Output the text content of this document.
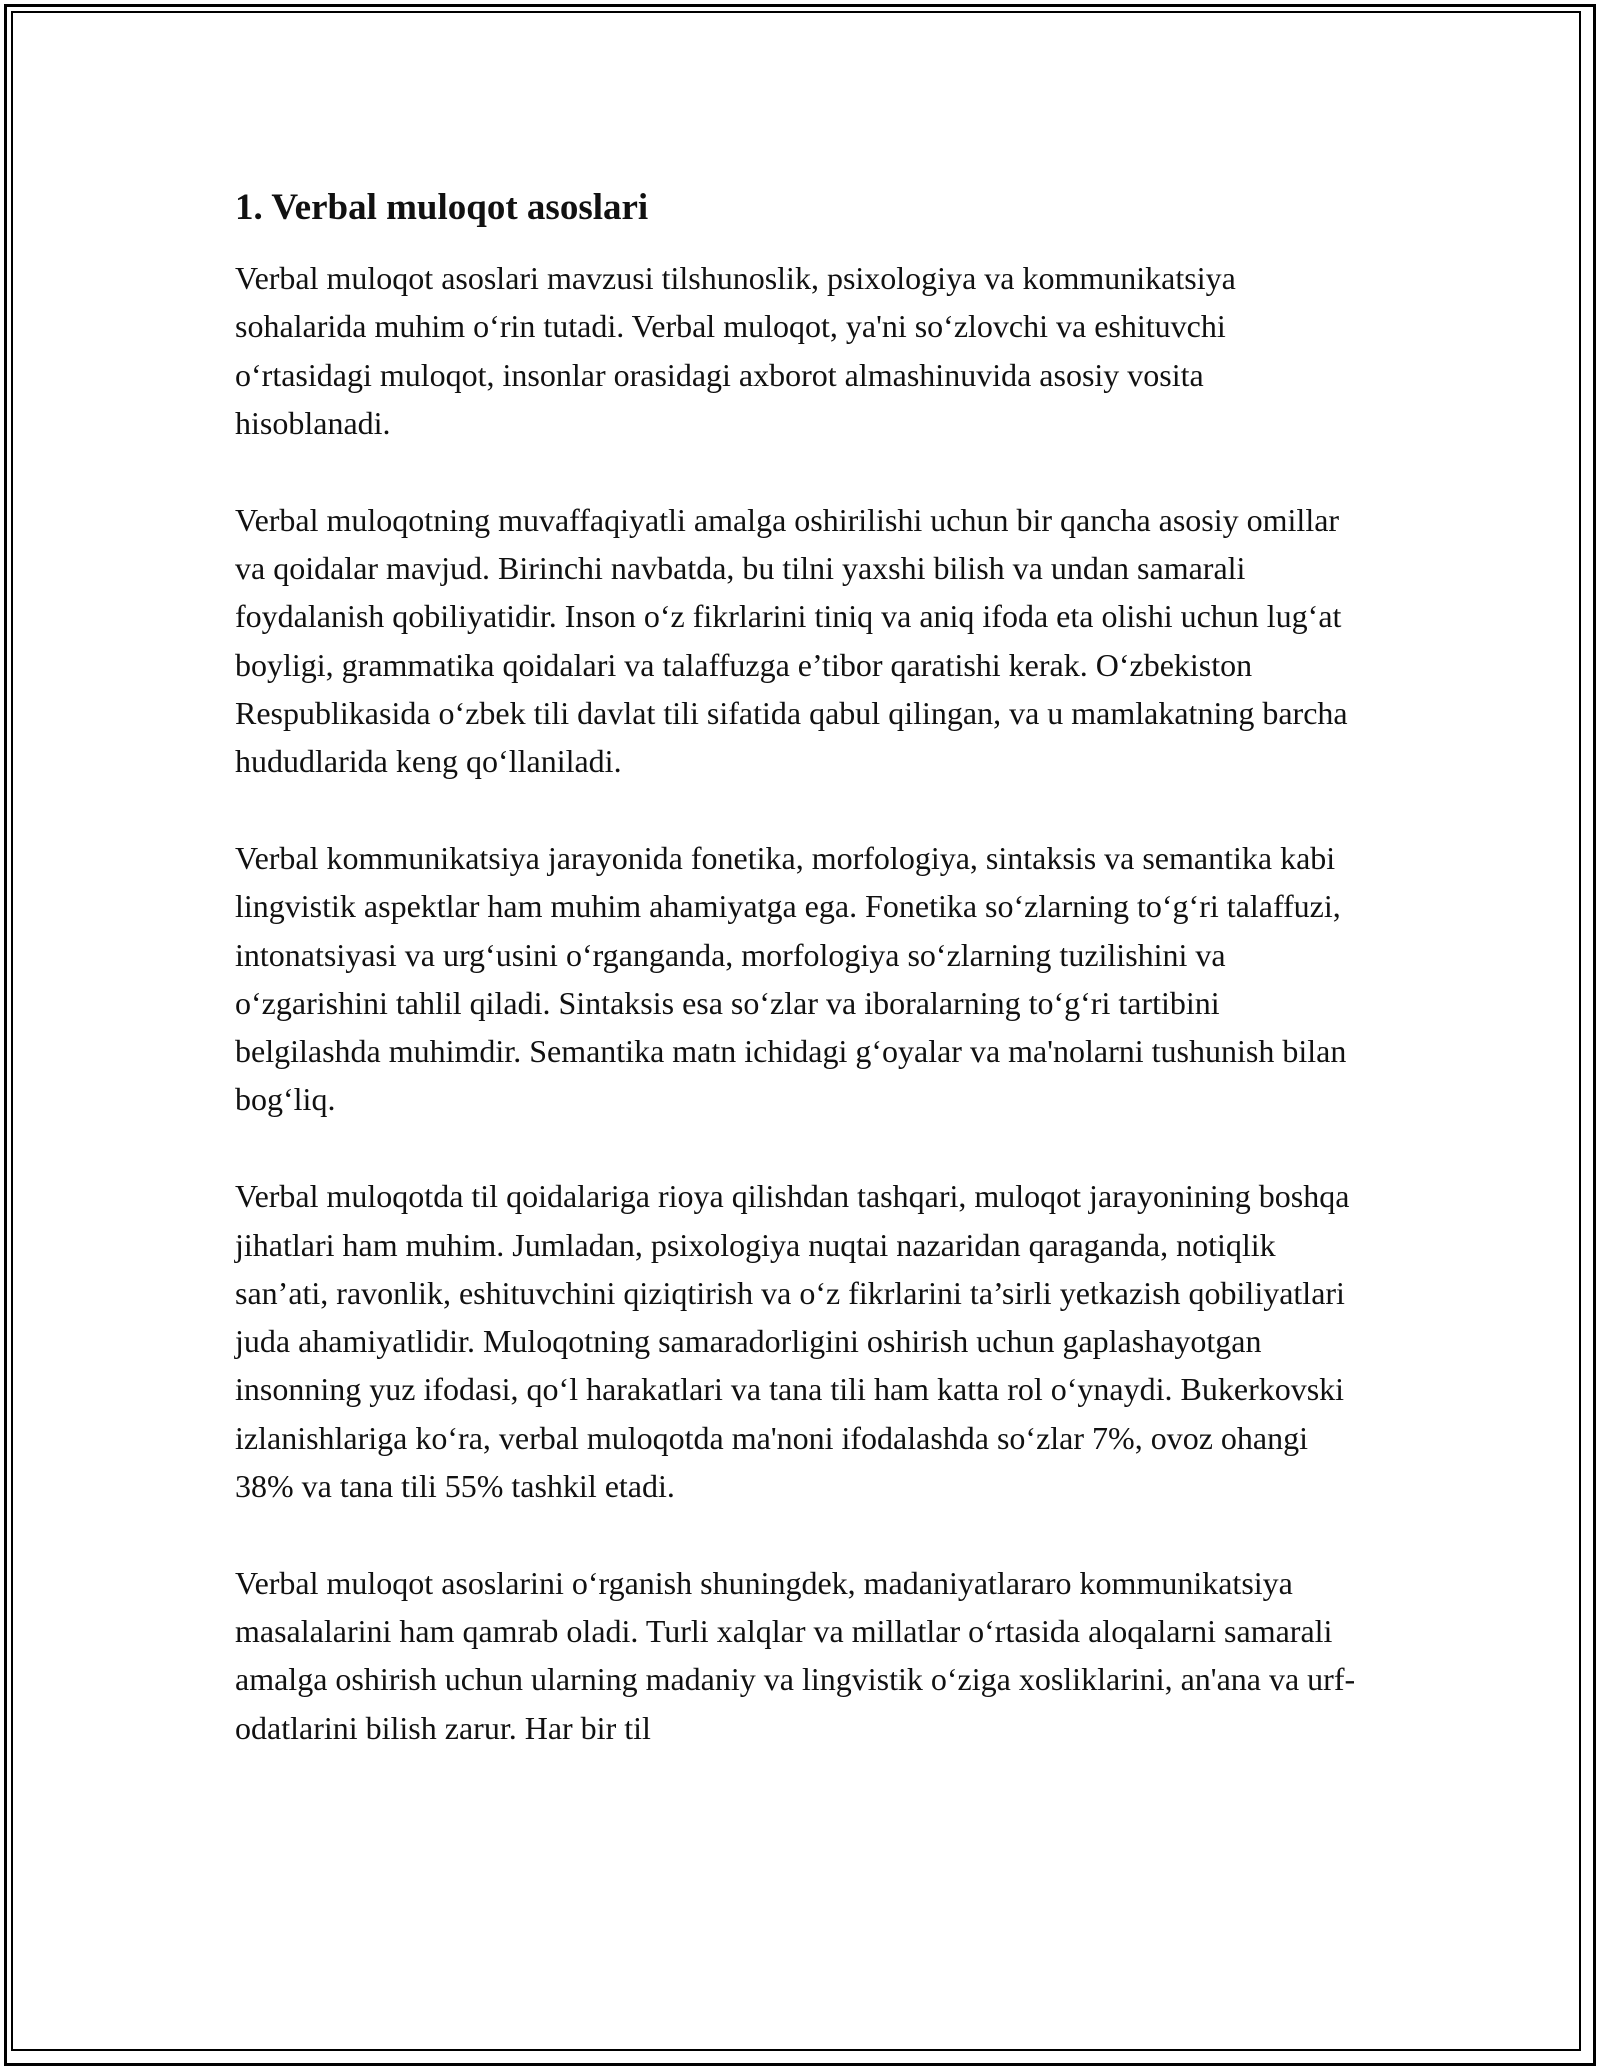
1. Verbal muloqot asoslari

Verbal muloqot asoslari mavzusi tilshunoslik, psixologiya va kommunikatsiya sohalarida muhim o‘rin tutadi. Verbal muloqot, ya'ni so‘zlovchi va eshituvchi o‘rtasidagi muloqot, insonlar orasidagi axborot almashinuvida asosiy vosita hisoblanadi.

Verbal muloqotning muvaffaqiyatli amalga oshirilishi uchun bir qancha asosiy omillar va qoidalar mavjud. Birinchi navbatda, bu tilni yaxshi bilish va undan samarali foydalanish qobiliyatidir. Inson o‘z fikrlarini tiniq va aniq ifoda eta olishi uchun lug‘at boyligi, grammatika qoidalari va talaffuzga e’tibor qaratishi kerak. O‘zbekiston Respublikasida o‘zbek tili davlat tili sifatida qabul qilingan, va u mamlakatning barcha hududlarida keng qo‘llaniladi.

Verbal kommunikatsiya jarayonida fonetika, morfologiya, sintaksis va semantika kabi lingvistik aspektlar ham muhim ahamiyatga ega. Fonetika so‘zlarning to‘g‘ri talaffuzi, intonatsiyasi va urg‘usini o‘rganganda, morfologiya so‘zlarning tuzilishini va o‘zgarishini tahlil qiladi. Sintaksis esa so‘zlar va iboralarning to‘g‘ri tartibini belgilashda muhimdir. Semantika matn ichidagi g‘oyalar va ma'nolarni tushunish bilan bog‘liq.

Verbal muloqotda til qoidalariga rioya qilishdan tashqari, muloqot jarayonining boshqa jihatlari ham muhim. Jumladan, psixologiya nuqtai nazaridan qaraganda, notiqlik san’ati, ravonlik, eshituvchini qiziqtirish va o‘z fikrlarini ta’sirli yetkazish qobiliyatlari juda ahamiyatlidir. Muloqotning samaradorligini oshirish uchun gaplashayotgan insonning yuz ifodasi, qo‘l harakatlari va tana tili ham katta rol o‘ynaydi. Bukerkovski izlanishlariga ko‘ra, verbal muloqotda ma'noni ifodalashda so‘zlar 7%, ovoz ohangi 38% va tana tili 55% tashkil etadi.

Verbal muloqot asoslarini o‘rganish shuningdek, madaniyatlararo kommunikatsiya masalalarini ham qamrab oladi. Turli xalqlar va millatlar o‘rtasida aloqalarni samarali amalga oshirish uchun ularning madaniy va lingvistik o‘ziga xosliklarini, an'ana va urf-odatlarini bilish zarur. Har bir til
